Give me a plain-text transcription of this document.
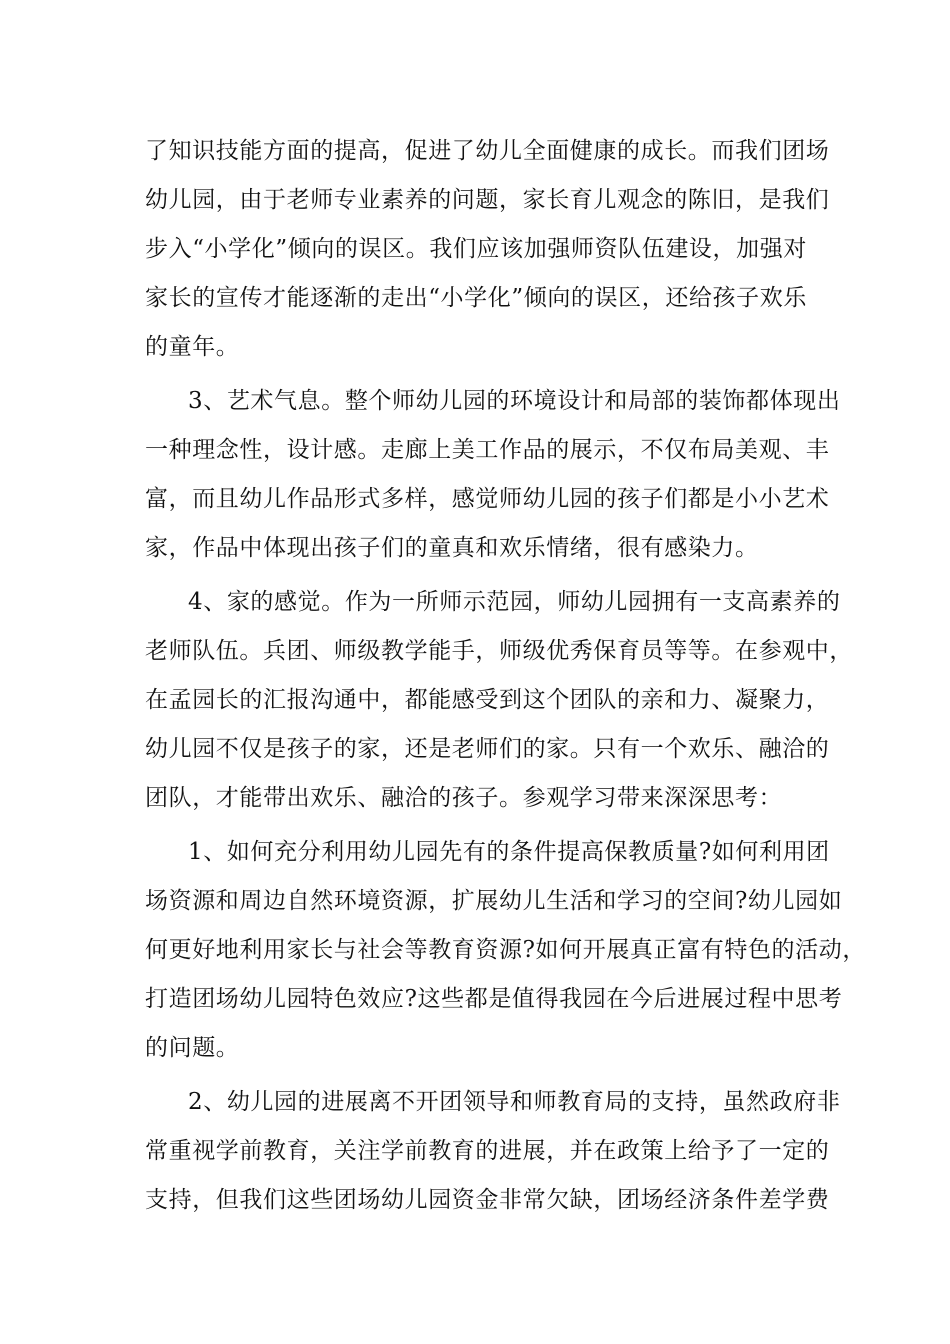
了知识技能方面的提高，促进了幼儿全面健康的成长。而我们团场
幼儿园，由于老师专业素养的问题，家长育儿观念的陈旧，是我们
步入“小学化”倾向的误区。我们应该加强师资队伍建设，加强对
家长的宣传才能逐渐的走出“小学化”倾向的误区，还给孩子欢乐
的童年。
3、艺术气息。整个师幼儿园的环境设计和局部的装饰都体现出
一种理念性，设计感。走廊上美工作品的展示，不仅布局美观、丰
富，而且幼儿作品形式多样，感觉师幼儿园的孩子们都是小小艺术
家，作品中体现出孩子们的童真和欢乐情绪，很有感染力。
4、家的感觉。作为一所师示范园，师幼儿园拥有一支高素养的
老师队伍。兵团、师级教学能手，师级优秀保育员等等。在参观中，
在孟园长的汇报沟通中，都能感受到这个团队的亲和力、凝聚力，
幼儿园不仅是孩子的家，还是老师们的家。只有一个欢乐、融洽的
团队，才能带出欢乐、融洽的孩子。参观学习带来深深思考：
1、如何充分利用幼儿园先有的条件提高保教质量?如何利用团
场资源和周边自然环境资源，扩展幼儿生活和学习的空间?幼儿园如
何更好地利用家长与社会等教育资源?如何开展真正富有特色的活动，
打造团场幼儿园特色效应?这些都是值得我园在今后进展过程中思考
的问题。
2、幼儿园的进展离不开团领导和师教育局的支持，虽然政府非
常重视学前教育，关注学前教育的进展，并在政策上给予了一定的
支持，但我们这些团场幼儿园资金非常欠缺，团场经济条件差学费
